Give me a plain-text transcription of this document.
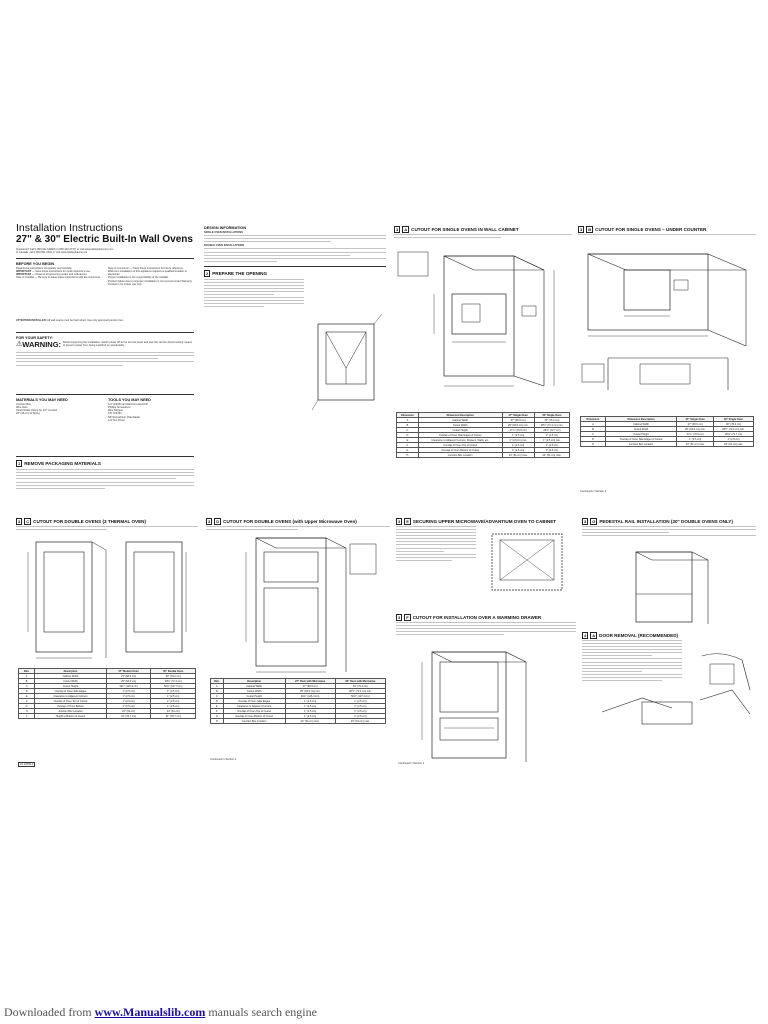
Installation Instructions
27" & 30" Electric Built-In Wall Ovens
Questions? Call 1.800.GE.CARES (1.800.432.2737) or visit www.GEAppliances.com
In Canada, call 1.800.561.3344 or visit www.GEAppliances.ca
BEFORE YOU BEGIN
Read these instructions completely and carefully.
IMPORTANT — Save these instructions for local inspector's use.
IMPORTANT — Observe all governing codes and ordinances.
Note to Installer — Be sure to leave these instructions with the Consumer.
Note to Consumer — Keep these instructions for future reference.
Wall oven installation of this appliance requires a qualified installer or electrician.
Proper installation is the responsibility of the installer.
Product failure due to improper installation is not covered under Warranty.
Product is for indoor use only.
ATTENTION INSTALLER: All wall ovens must be hard wired. Use only approved junction box.
FOR YOUR SAFETY:
⚠ WARNING: Before beginning the installation, switch power off at the service panel and lock the service disconnecting means to prevent power from being switched on accidentally.
MATERIALS YOU MAY NEED
Junction Box
Wire Nuts
Strain Relief Clamp for 1/2" Conduit
18" (45 cm) of String
TOOLS YOU MAY NEED
1/4" Drill Bit and Electric Hand Drill
Phillips Screwdriver
Wire Stripper
1/8" Drill Bit
5/8 Screwdriver (Flat-blade)
1/4" Nut Driver
1 REMOVE PACKAGING MATERIALS
DESIGN INFORMATION
SINGLE OVEN INSTALLATIONS
DOUBLE OVEN INSTALLATIONS
2 PREPARE THE OPENING
3 A CUTOUT FOR SINGLE OVENS IN WALL CABINET
Dimension	Dimension Description	27" Single Oven	30" Single Oven
A	Cabinet Width	27" (68.6 cm)	30" (76.2 cm)
B	Cutout Width	25" (63.5 cm) min.	28½" (72.4 cm) min.
C	Cutout Height	27¾" (70.5 cm)	28⅝" (72.7 cm)
D	Overlap of Oven Side Edges of Cutout	1" (2.5 cm)	1" (2.5 cm)
E	Clearance to Adjacent Corners, Drawers, Walls, etc.	1" (2.5 cm) min.	1" (2.5 cm) min.
F	Overlap of Oven Top of Cutout	1" (2.5 cm)	1" (2.5 cm)
G	Overlap of Oven Bottom of Cutout	1" (2.5 cm)	1" (2.5 cm)
H	Junction Box Location	24" (61 cm) max.	24" (61 cm) max.
3 B CUTOUT FOR SINGLE OVENS – UNDER COUNTER
Dimension	Dimension Description	27" Single Oven	30" Single Oven
A	Cabinet Width	27" (68.6 cm)	30" (76.2 cm)
B	Cutout Width	25" (63.5 cm) min.	28½" (72.4 cm) min.
C	Cutout Height	27¾" (70.5 cm)	28⅝" (72.7 cm)
D	Overlap of Oven Side Edges of Cutout	1" (2.5 cm)	1" (2.5 cm)
H	Junction Box Location	24" (61 cm) max.	24" (61 cm) max.
Continued in Section 4
3 C CUTOUT FOR DOUBLE OVENS (3 THERMAL OVEN)
Dim.	Description	27" Models Oven	30" Double Oven
A	Cabinet Width	27" (68.6 cm)	30" (76.2 cm)
B	Cutout Width	25" (63.5 cm)	28½" (72.4 cm)
C	Cutout Height	49¾" (126.4 cm)	50⅛" (127.3 cm)
D	Overlap of Oven Side Edges	1" (2.5 cm)	1" (2.5 cm)
E	Clearance to Adjacent Corners	1" (2.5 cm)	1" (2.5 cm)
F	Overlap of Oven Top of Cutout	1" (2.5 cm)	1" (2.5 cm)
G	Overlap of Oven Bottom	1" (2.5 cm)	1" (2.5 cm)
H	Junction Box Location	24" (61 cm)	24" (61 cm)
J	Height to Bottom of Cutout	31" (78.7 cm)	31" (78.7 cm)
31-10669-1
3 D CUTOUT FOR DOUBLE OVENS (with Upper Microwave Oven)
Dim.	Description	27" Oven with Microwave	30" Oven with Microwave
A	Cabinet Width	27" (68.6 cm)	30" (76.2 cm)
B	Cutout Width	25" (63.5 cm) min.	28½" (72.4 cm) min.
C	Cutout Height	49¾" (126.4 cm)	50⅛" (127.3 cm)
D	Overlap of Oven Side Edges	1" (2.5 cm)	1" (2.5 cm)
E	Clearance to Adjacent Corners	1" (2.5 cm)	1" (2.5 cm)
F	Overlap of Oven Top of Cutout	1" (2.5 cm)	1" (2.5 cm)
G	Overlap of Oven Bottom of Cutout	1" (2.5 cm)	1" (2.5 cm)
H	Junction Box Location	24" (61 cm) max.	24" (61 cm) max.
Continued in Section 4
3 E SECURING UPPER MICROWAVE/ADVANTIUM OVEN TO CABINET
3 F CUTOUT FOR INSTALLATION OVER A WARMING DRAWER
Continued in Section 4
3 G PEDESTAL RAIL INSTALLATION (30" DOUBLE OVENS ONLY)
4 A DOOR REMOVAL (RECOMMENDED)
Downloaded from www.Manualslib.com manuals search engine
